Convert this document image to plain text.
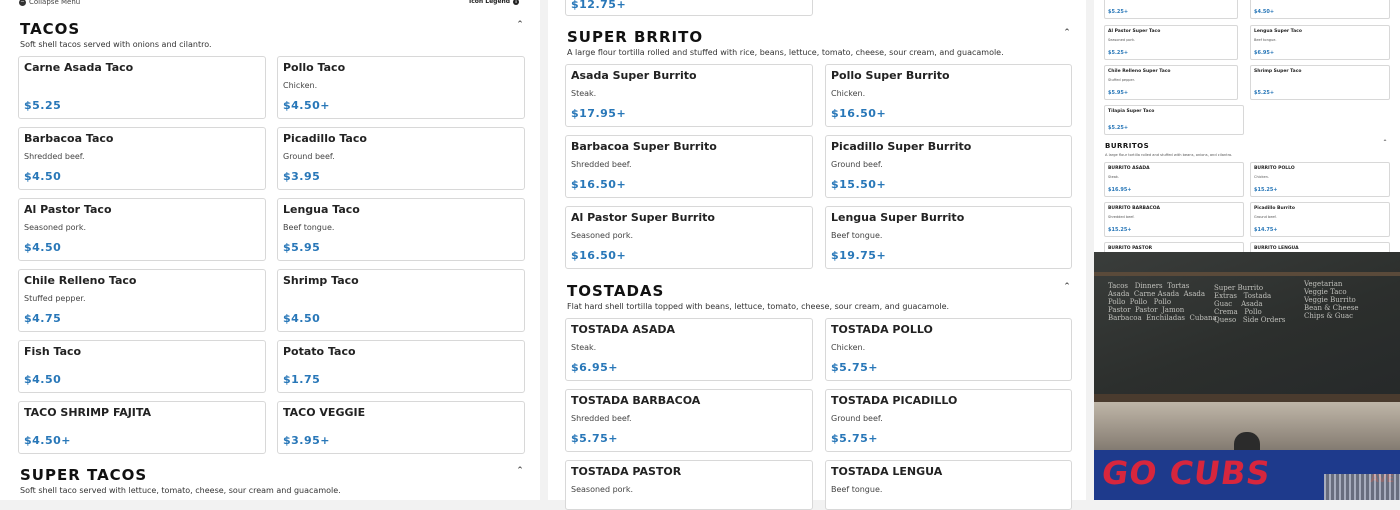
− Collapse Menu	Icon Legend	i
TACOS	⌃
Soft shell tacos served with onions and cilantro.
Carne Asada Taco
$5.25
Pollo Taco
Chicken.
$4.50+
Barbacoa Taco
Shredded beef.
$4.50
Picadillo Taco
Ground beef.
$3.95
Al Pastor Taco
Seasoned pork.
$4.50
Lengua Taco
Beef tongue.
$5.95
Chile Relleno Taco
Stuffed pepper.
$4.75
Shrimp Taco
$4.50
Fish Taco
$4.50
Potato Taco
$1.75
TACO SHRIMP FAJITA
$4.50+
TACO VEGGIE
$3.95+
SUPER TACOS	⌃
Soft shell taco served with lettuce, tomato, cheese, sour cream and guacamole.
$12.75+
SUPER BRRITO	⌃
A large flour tortilla rolled and stuffed with rice, beans, lettuce, tomato, cheese, sour cream, and guacamole.
Asada Super Burrito
Steak.
$17.95+
Pollo Super Burrito
Chicken.
$16.50+
Barbacoa Super Burrito
Shredded beef.
$16.50+
Picadillo Super Burrito
Ground beef.
$15.50+
Al Pastor Super Burrito
Seasoned pork.
$16.50+
Lengua Super Burrito
Beef tongue.
$19.75+
TOSTADAS	⌃
Flat hard shell tortilla topped with beans, lettuce, tomato, cheese, sour cream, and guacamole.
TOSTADA ASADA
Steak.
$6.95+
TOSTADA POLLO
Chicken.
$5.75+
TOSTADA BARBACOA
Shredded beef.
$5.75+
TOSTADA PICADILLO
Ground beef.
$5.75+
TOSTADA PASTOR
Seasoned pork.
TOSTADA LENGUA
Beef tongue.
$5.25+	$4.50+
Al Pastor Super Taco
Seasoned pork.
$5.25+
Lengua Super Taco
Beef tongue.
$6.95+
Chile Relleno Super Taco
Stuffed pepper.
$5.95+
Shrimp Super Taco
$5.25+
Tilapia Super Taco
$5.25+
BURRITOS	⌃
A large flour tortilla rolled and stuffed with beans, onions, and cilantro.
BURRITO ASADA
Steak.
$16.95+
BURRITO POLLO
Chicken.
$15.25+
BURRITO BARBACOA
Shredded beef.
$15.25+
Picadillo Burrito
Ground beef.
$14.75+
BURRITO PASTOR	BURRITO LENGUA
Tacos   Dinners  Tortas
Asada  Carne Asada  Asada
Pollo  Pollo   Pollo
Pastor  Pastor  Jamon
Barbacoa  Enchiladas  Cubana
Super Burrito
Extras   Tostada
Guac    Asada
Crema   Pollo
Queso   Side Orders
Vegetarian
Veggie Taco
Veggie Burrito
Bean & Cheese
Chips & Guac
GO CUBS
